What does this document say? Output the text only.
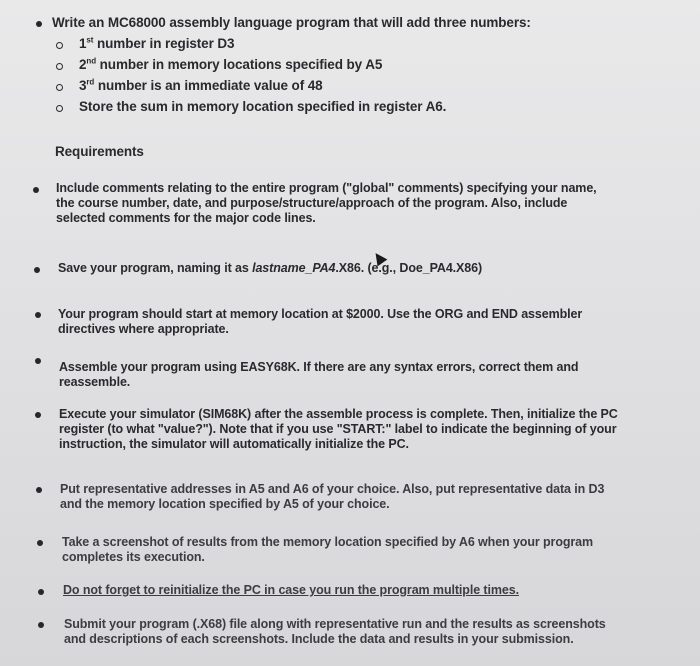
Write an MC68000 assembly language program that will add three numbers:
1st number in register D3
2nd number in memory locations specified by A5
3rd number is an immediate value of 48
Store the sum in memory location specified in register A6.
Requirements
Include comments relating to the entire program ("global" comments) specifying your name,
the course number, date, and purpose/structure/approach of the program. Also, include
selected comments for the major code lines.
Save your program, naming it as lastname_PA4.X86. (e.g., Doe_PA4.X86)
Your program should start at memory location at $2000. Use the ORG and END assembler
directives where appropriate.
Assemble your program using EASY68K. If there are any syntax errors, correct them and
reassemble.
Execute your simulator (SIM68K) after the assemble process is complete. Then, initialize the PC
register (to what "value?"). Note that if you use "START:" label to indicate the beginning of your
instruction, the simulator will automatically initialize the PC.
Put representative addresses in A5 and A6 of your choice. Also, put representative data in D3
and the memory location specified by A5 of your choice.
Take a screenshot of results from the memory location specified by A6 when your program
completes its execution.
Do not forget to reinitialize the PC in case you run the program multiple times.
Submit your program (.X68) file along with representative run and the results as screenshots
and descriptions of each screenshots. Include the data and results in your submission.
